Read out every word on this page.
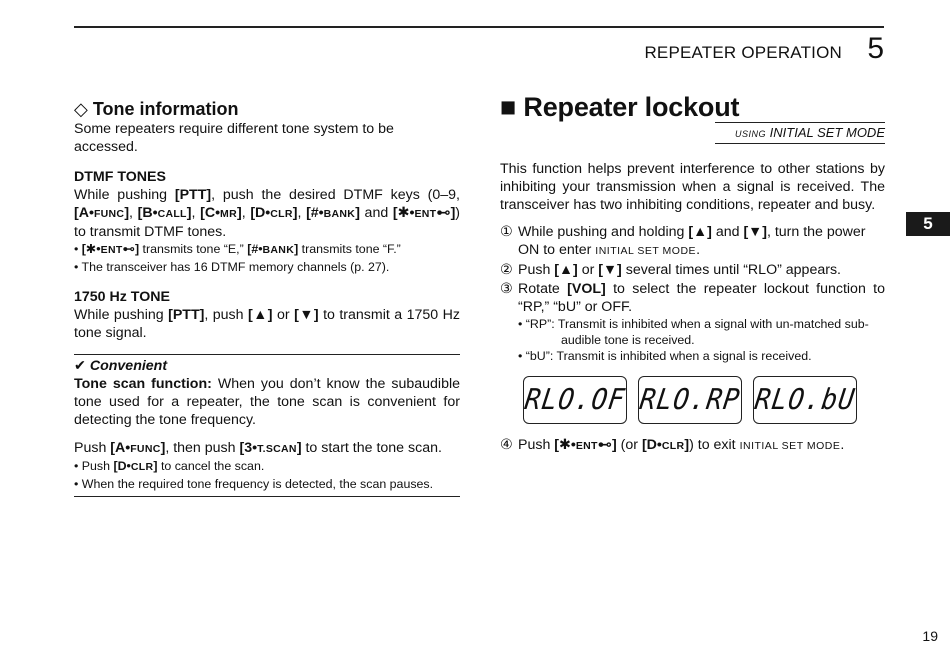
REPEATER OPERATION 5
5
19
◇ Tone information

Some repeaters require different tone system to be accessed.

DTMF TONES

While pushing [PTT], push the desired DTMF keys (0–9, [A•FUNC], [B•CALL], [C•MR], [D•CLR], [#•BANK] and [✱•ENT⊷]) to transmit DTMF tones.

• [✱•ENT⊷] transmits tone “E,” [#•BANK] transmits tone “F.”

• The transceiver has 16 DTMF memory channels (p. 27).

1750 Hz TONE

While pushing [PTT], push [▲] or [▼] to transmit a 1750 Hz tone signal.

✔ Convenient

Tone scan function: When you don’t know the subaudible tone used for a repeater, the tone scan is convenient for detecting the tone frequency.

Push [A•FUNC], then push [3•T.SCAN] to start the tone scan.

• Push [D•CLR] to cancel the scan.

• When the required tone frequency is detected, the scan pauses.

■ Repeater lockout
USING INITIAL SET MODE

This function helps prevent interference to other stations by inhibiting your transmission when a signal is received. The transceiver has two inhibiting conditions, repeater and busy.

① While pushing and holding [▲] and [▼], turn the power ON to enter INITIAL SET MODE.
② Push [▲] or [▼] several times until “RLO” appears.
③ Rotate [VOL] to select the repeater lockout function to “RP,” “bU” or OFF.
• “RP”: Transmit is inhibited when a signal with un-matched sub-audible tone is received.
• “bU”: Transmit is inhibited when a signal is received.
RLO.OF RLO.RP RLO.bU
④ Push [✱•ENT⊷] (or [D•CLR]) to exit INITIAL SET MODE.
